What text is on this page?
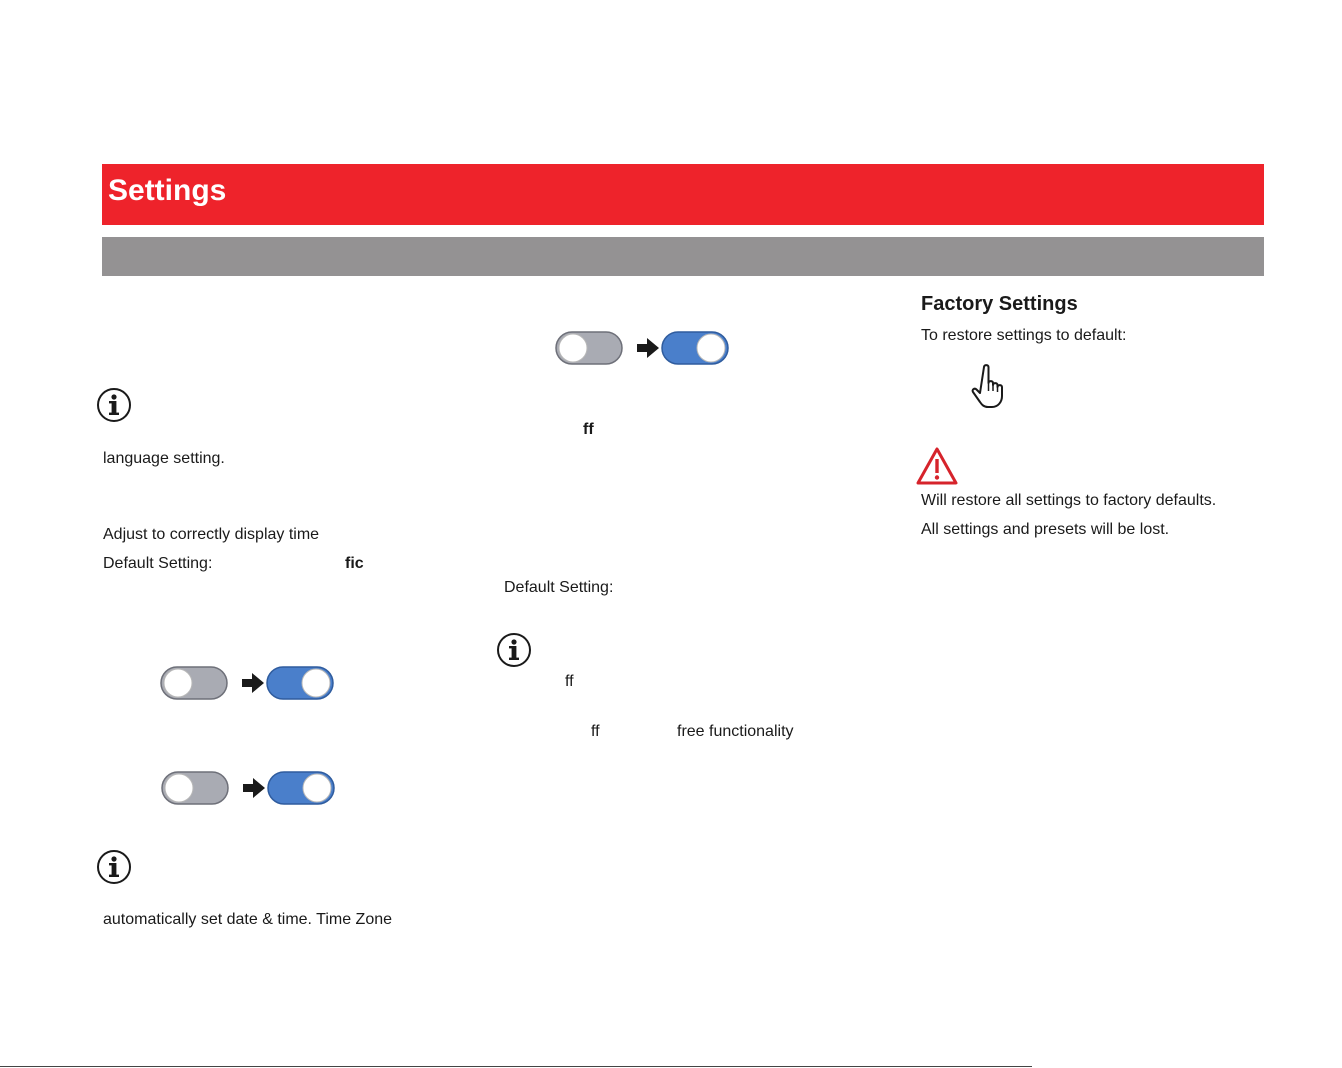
Settings
language setting.
Adjust to correctly display time
Default Setting:	fic
automatically set date & time. Time Zone
ff
Default Setting:
ff
ff	free functionality
Factory Settings
To restore settings to default:
Will restore all settings to factory defaults.
All settings and presets will be lost.
